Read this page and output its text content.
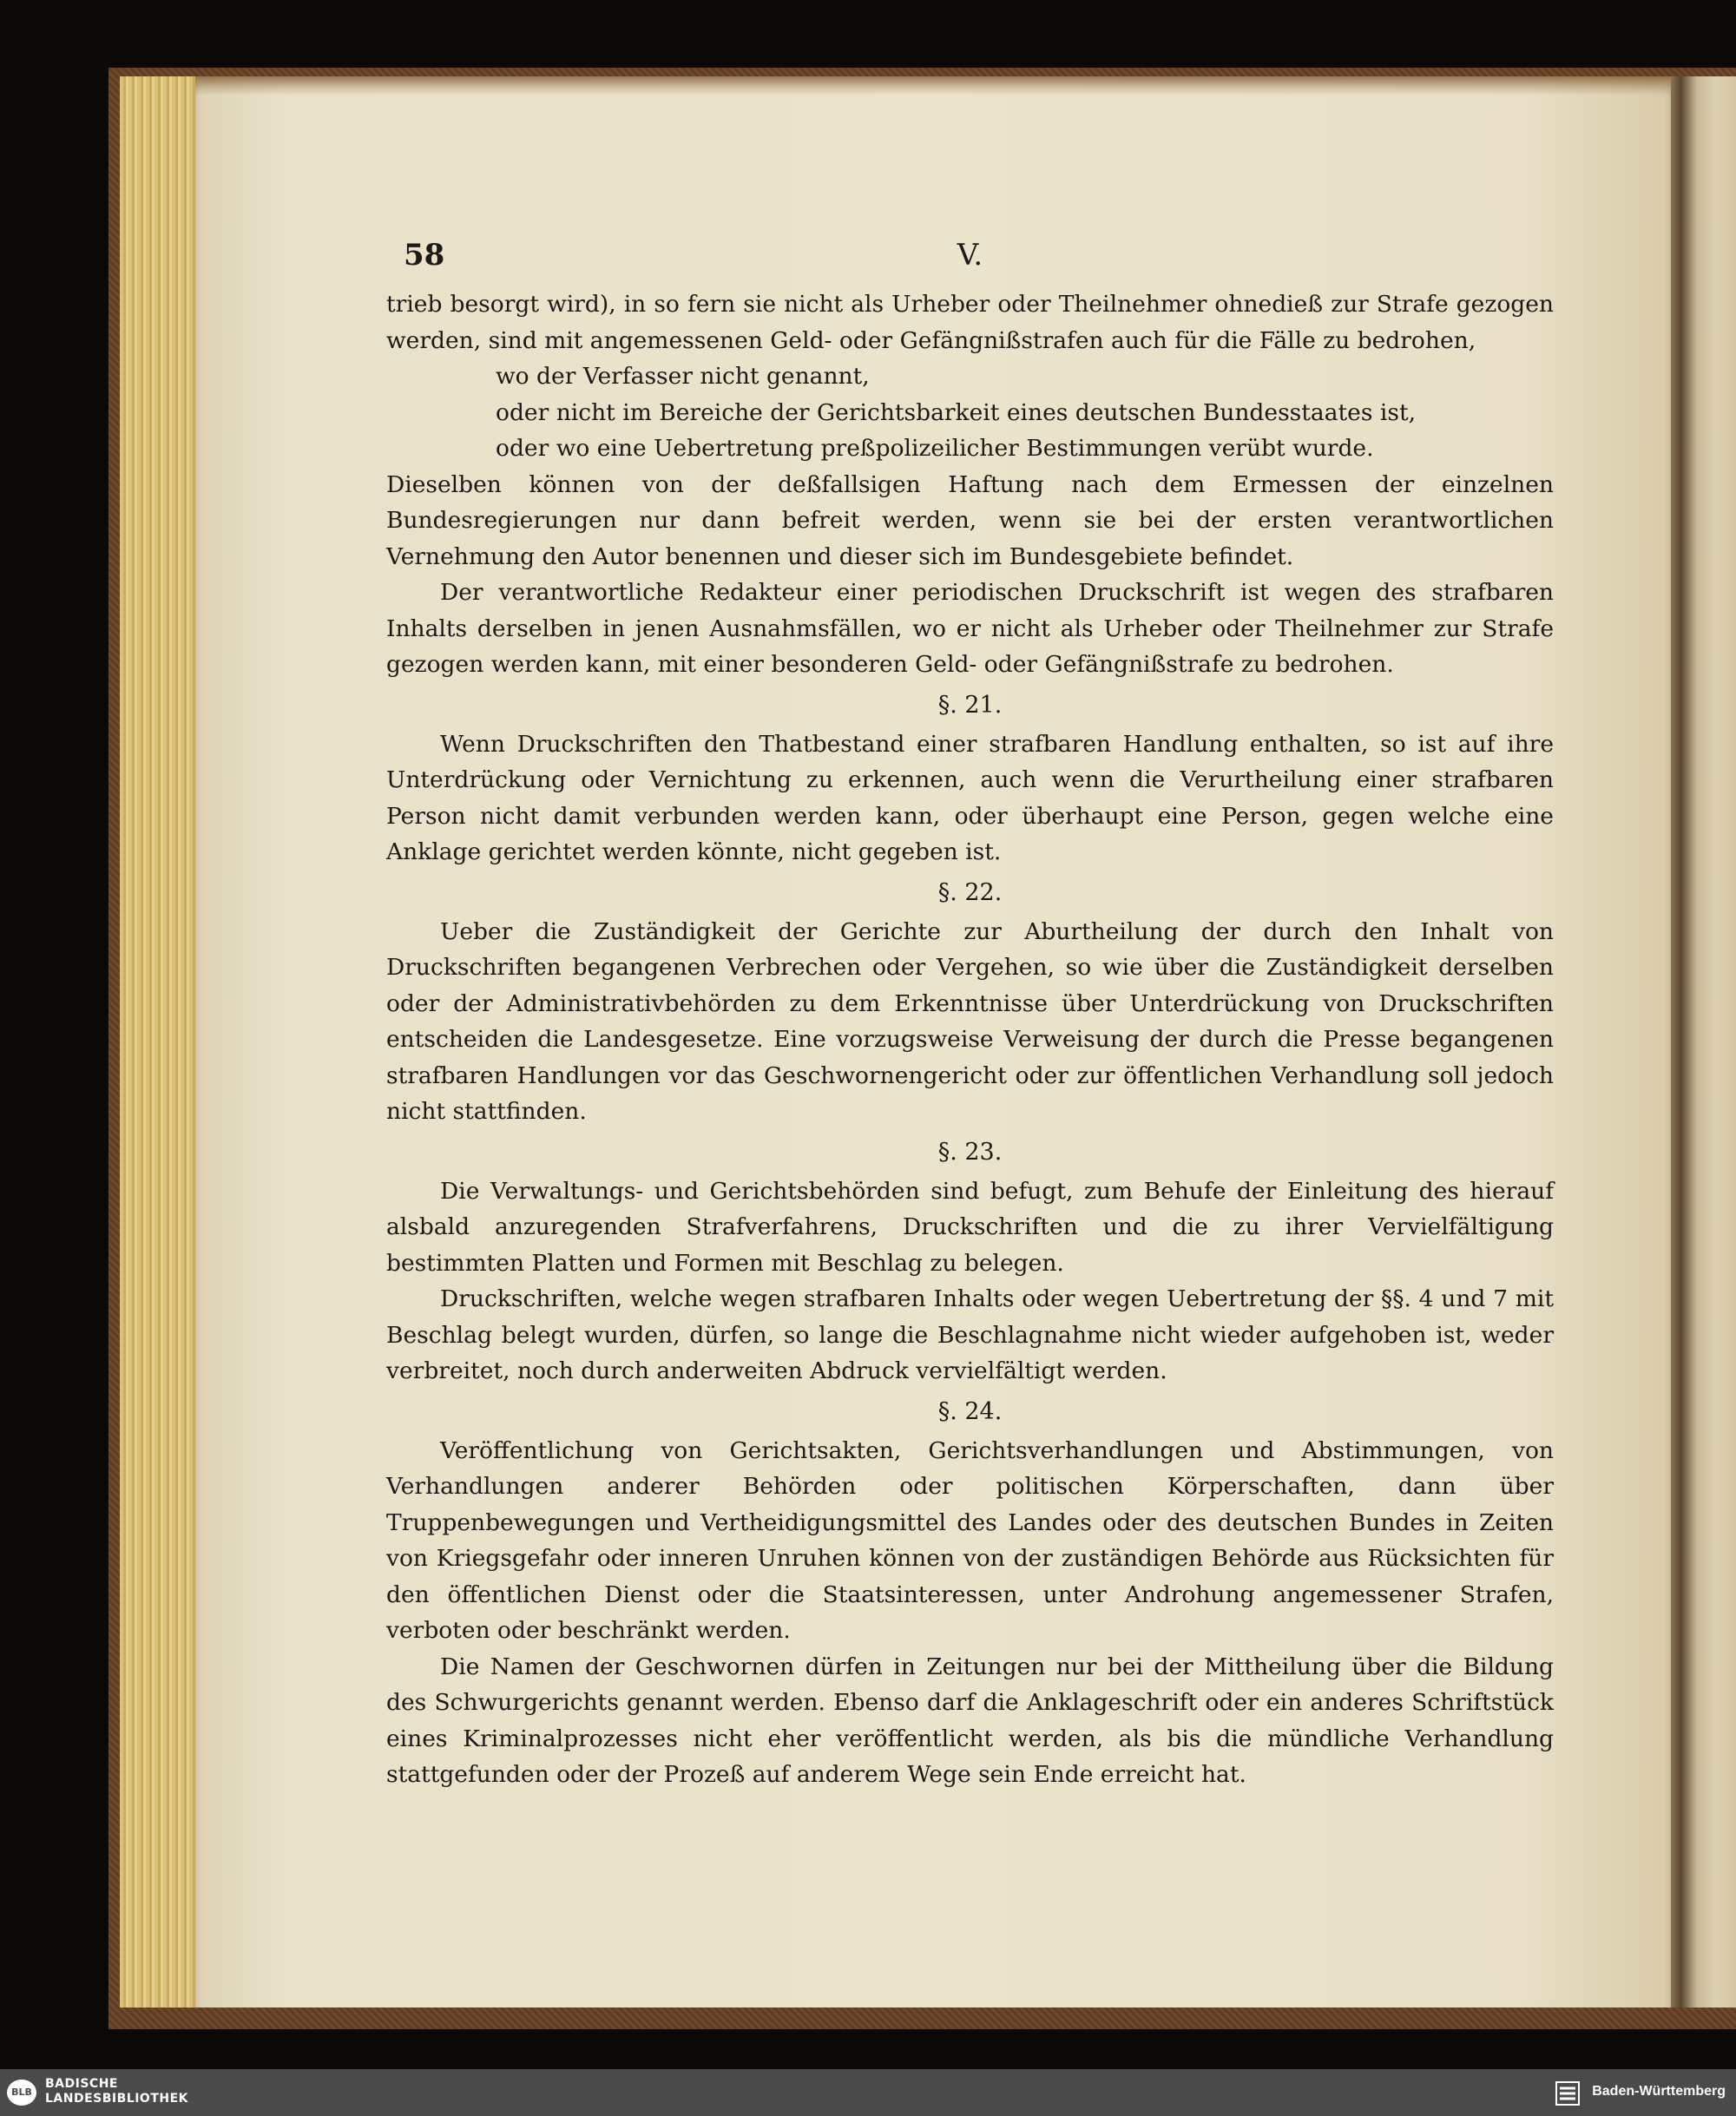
58	V.

trieb besorgt wird), in so fern sie nicht als Urheber oder Theilnehmer ohnedieß zur Strafe gezogen werden, sind mit angemessenen Geld- oder Gefängnißstrafen auch für die Fälle zu bedrohen,

wo der Verfasser nicht genannt,

oder nicht im Bereiche der Gerichtsbarkeit eines deutschen Bundesstaates ist,

oder wo eine Uebertretung preßpolizeilicher Bestimmungen verübt wurde.

Dieselben können von der deßfallsigen Haftung nach dem Ermessen der einzelnen Bundesregierungen nur dann befreit werden, wenn sie bei der ersten verantwortlichen Vernehmung den Autor benennen und dieser sich im Bundesgebiete befindet.

Der verantwortliche Redakteur einer periodischen Druckschrift ist wegen des strafbaren Inhalts derselben in jenen Ausnahmsfällen, wo er nicht als Urheber oder Theilnehmer zur Strafe gezogen werden kann, mit einer besonderen Geld- oder Gefängnißstrafe zu bedrohen.

§. 21.

Wenn Druckschriften den Thatbestand einer strafbaren Handlung enthalten, so ist auf ihre Unterdrückung oder Vernichtung zu erkennen, auch wenn die Verurtheilung einer strafbaren Person nicht damit verbunden werden kann, oder überhaupt eine Person, gegen welche eine Anklage gerichtet werden könnte, nicht gegeben ist.

§. 22.

Ueber die Zuständigkeit der Gerichte zur Aburtheilung der durch den Inhalt von Druckschriften begangenen Verbrechen oder Vergehen, so wie über die Zuständigkeit derselben oder der Administrativbehörden zu dem Erkenntnisse über Unterdrückung von Druckschriften entscheiden die Landesgesetze. Eine vorzugsweise Verweisung der durch die Presse begangenen strafbaren Handlungen vor das Geschwornengericht oder zur öffentlichen Verhandlung soll jedoch nicht stattfinden.

§. 23.

Die Verwaltungs- und Gerichtsbehörden sind befugt, zum Behufe der Einleitung des hierauf alsbald anzuregenden Strafverfahrens, Druckschriften und die zu ihrer Vervielfältigung bestimmten Platten und Formen mit Beschlag zu belegen.

Druckschriften, welche wegen strafbaren Inhalts oder wegen Uebertretung der §§. 4 und 7 mit Beschlag belegt wurden, dürfen, so lange die Beschlagnahme nicht wieder aufgehoben ist, weder verbreitet, noch durch anderweiten Abdruck vervielfältigt werden.

§. 24.

Veröffentlichung von Gerichtsakten, Gerichtsverhandlungen und Abstimmungen, von Verhandlungen anderer Behörden oder politischen Körperschaften, dann über Truppenbewegungen und Vertheidigungsmittel des Landes oder des deutschen Bundes in Zeiten von Kriegsgefahr oder inneren Unruhen können von der zuständigen Behörde aus Rücksichten für den öffentlichen Dienst oder die Staatsinteressen, unter Androhung angemessener Strafen, verboten oder beschränkt werden.

Die Namen der Geschwornen dürfen in Zeitungen nur bei der Mittheilung über die Bildung des Schwurgerichts genannt werden. Ebenso darf die Anklageschrift oder ein anderes Schriftstück eines Kriminalprozesses nicht eher veröffentlicht werden, als bis die mündliche Verhandlung stattgefunden oder der Prozeß auf anderem Wege sein Ende erreicht hat.

BLB
BADISCHE
LANDESBIBLIOTHEK	Baden-Württemberg
